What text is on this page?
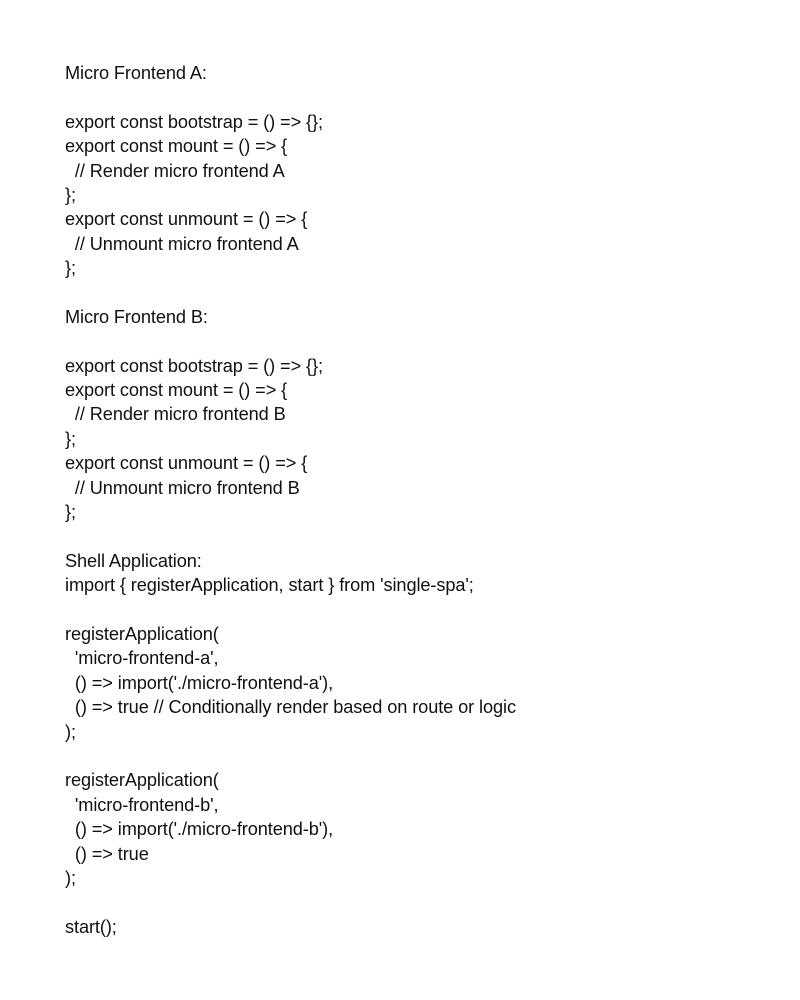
Micro Frontend A:
export const bootstrap = () => {};
export const mount = () => {
// Render micro frontend A
};
export const unmount = () => {
// Unmount micro frontend A
};
Micro Frontend B:
export const bootstrap = () => {};
export const mount = () => {
// Render micro frontend B
};
export const unmount = () => {
// Unmount micro frontend B
};
Shell Application:
import { registerApplication, start } from 'single-spa';
registerApplication(
'micro-frontend-a',
() => import('./micro-frontend-a'),
() => true // Conditionally render based on route or logic
);
registerApplication(
'micro-frontend-b',
() => import('./micro-frontend-b'),
() => true
);
start();
